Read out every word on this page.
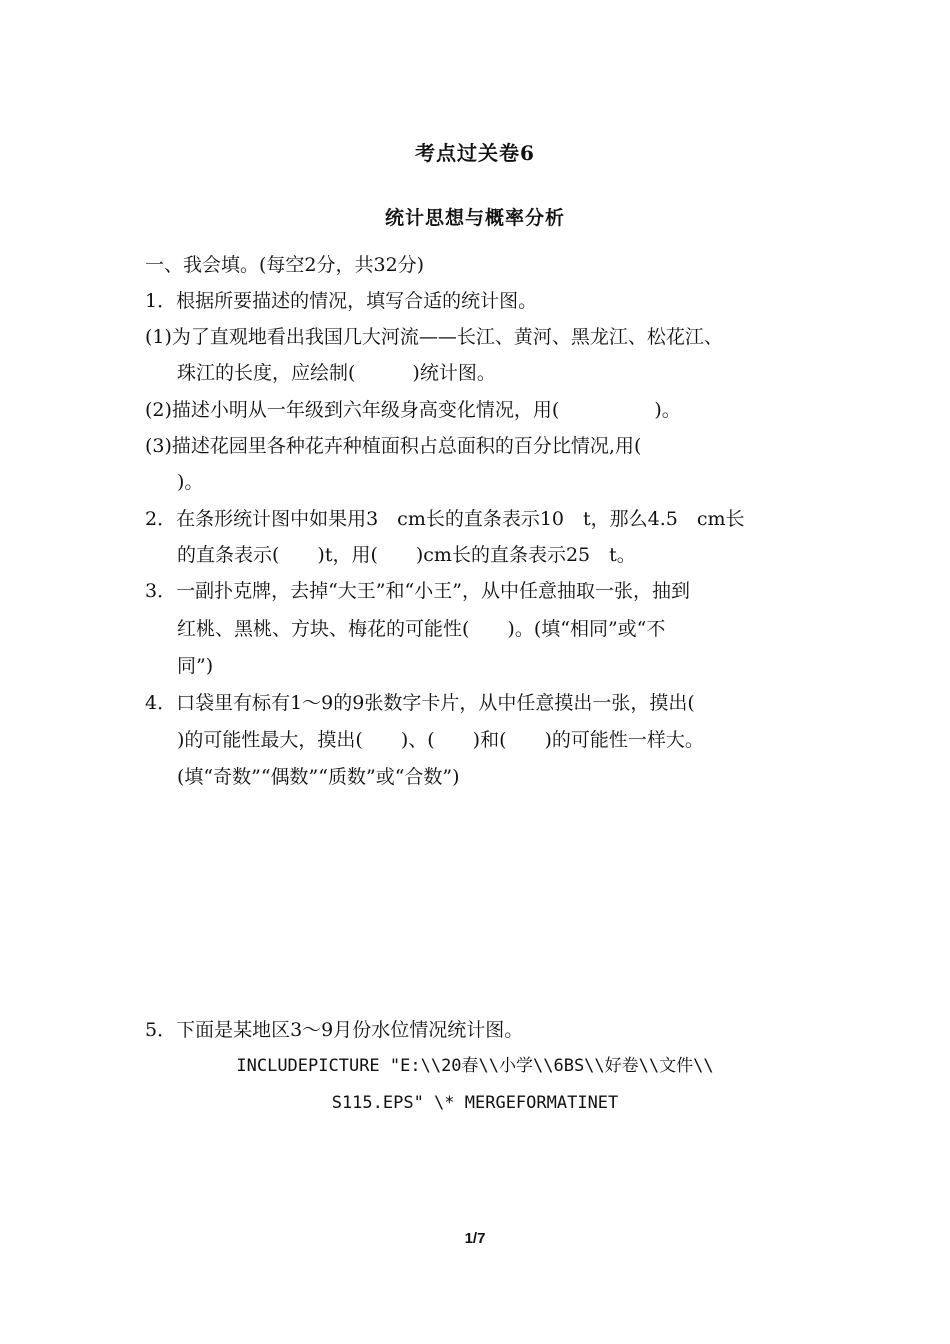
考点过关卷6
统计思想与概率分析
一、我会填。(每空2分，共32分)
1．根据所要描述的情况，填写合适的统计图。
(1)为了直观地看出我国几大河流——长江、黄河、黑龙江、松花江、
珠江的长度，应绘制(　　　)统计图。
(2)描述小明从一年级到六年级身高变化情况，用(　　　　　)。
(3)描述花园里各种花卉种植面积占总面积的百分比情况,用(
)。
2．在条形统计图中如果用3　cm长的直条表示10　t，那么4.5　cm长
的直条表示(　　)t，用(　　)cm长的直条表示25　t。
3．一副扑克牌，去掉“大王”和“小王”，从中任意抽取一张，抽到
红桃、黑桃、方块、梅花的可能性(　　)。(填“相同”或“不
同”)
4．口袋里有标有1～9的9张数字卡片，从中任意摸出一张，摸出(
)的可能性最大，摸出(　　)、(　　)和(　　)的可能性一样大。
(填“奇数”“偶数”“质数”或“合数”)
5．下面是某地区3～9月份水位情况统计图。
INCLUDEPICTURE "E:\\20春\\小学\\6BS\\好卷\\文件\\
S115.EPS" \* MERGEFORMATINET
1/7
